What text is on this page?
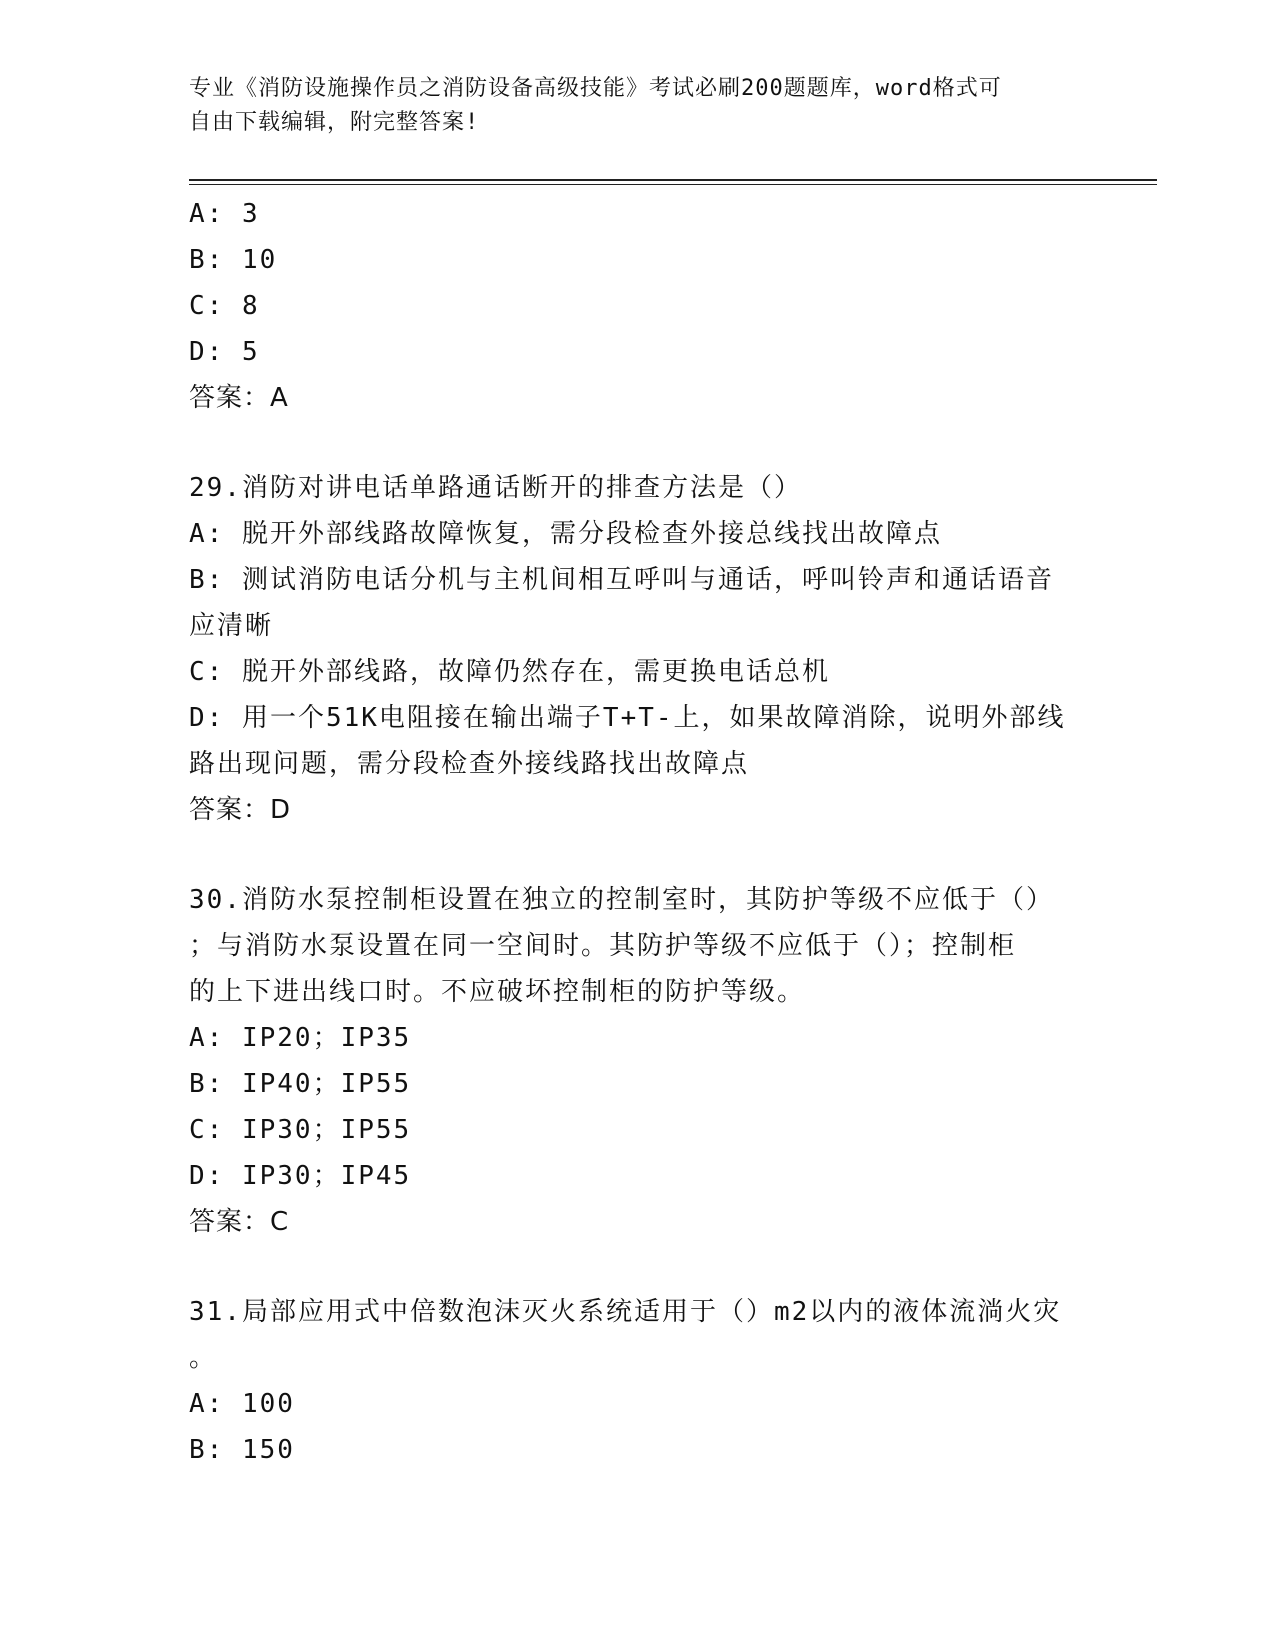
专业《消防设施操作员之消防设备高级技能》考试必刷200题题库，word格式可
自由下载编辑，附完整答案!
A: 3
B: 10
C: 8
D: 5
答案：A
29.消防对讲电话单路通话断开的排查方法是（）
A: 脱开外部线路故障恢复，需分段检查外接总线找出故障点
B: 测试消防电话分机与主机间相互呼叫与通话，呼叫铃声和通话语音
应清晰
C: 脱开外部线路，故障仍然存在，需更换电话总机
D: 用一个51K电阻接在输出端子T+T-上，如果故障消除，说明外部线
路出现问题，需分段检查外接线路找出故障点
答案：D
30.消防水泵控制柜设置在独立的控制室时，其防护等级不应低于（）
；与消防水泵设置在同一空间时。其防护等级不应低于（）；控制柜
的上下进出线口时。不应破坏控制柜的防护等级。
A: IP20；IP35
B: IP40；IP55
C: IP30；IP55
D: IP30；IP45
答案：C
31.局部应用式中倍数泡沫灭火系统适用于（）m2以内的液体流淌火灾
。
A: 100
B: 150
